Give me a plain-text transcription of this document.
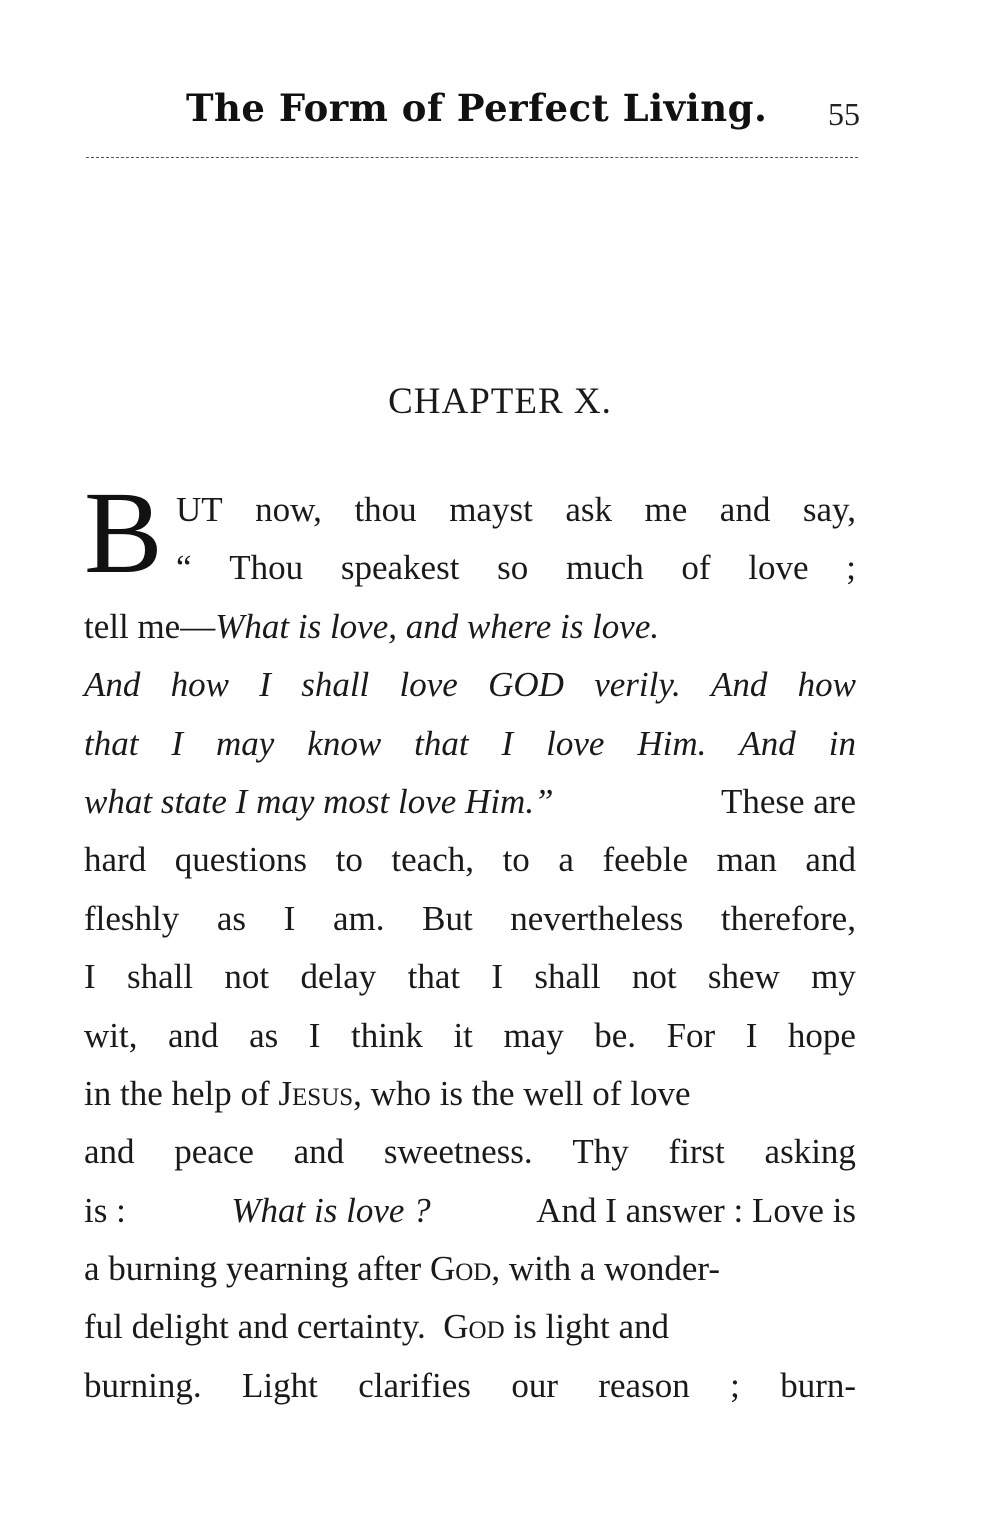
The Form of Perfect Living. 55
CHAPTER X.
B UT now, thou mayst ask me and say,
“ Thou speakest so much of love ;
tell me—What is love, and where is love.
And how I shall love GOD verily. And how
that I may know that I love Him. And in
what state I may most love Him.”	These are
hard questions to teach, to a feeble man and
fleshly as I am. But nevertheless therefore,
I shall not delay that I shall not shew my
wit, and as I think it may be. For I hope
in the help of Jesus, who is the well of love
and peace and sweetness. Thy first asking
is :	What is love ?	And I answer : Love is
a burning yearning after God, with a wonder-
ful delight and certainty. God is light and
burning. Light clarifies our reason ; burn-
